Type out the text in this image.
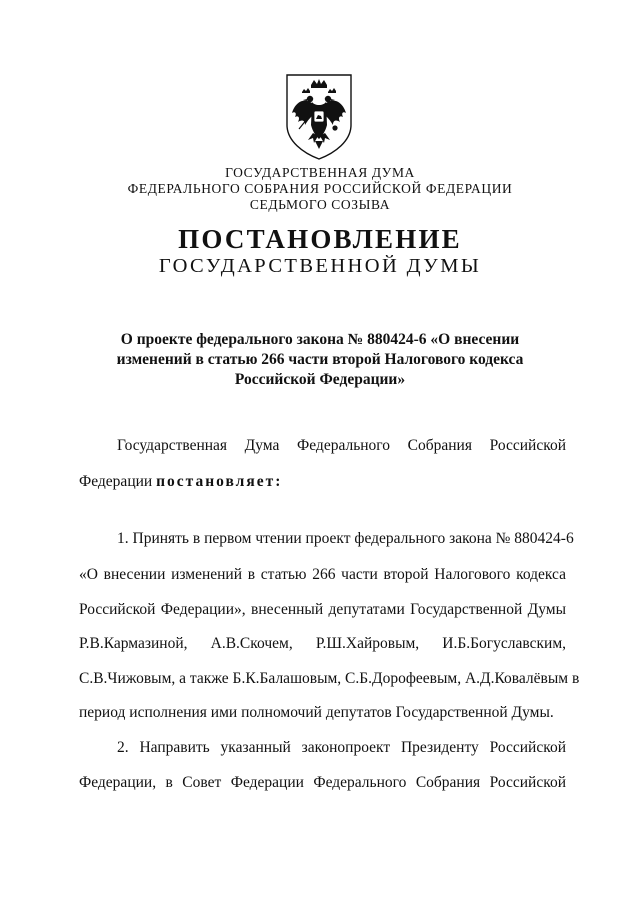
ГОСУДАРСТВЕННАЯ ДУМА
ФЕДЕРАЛЬНОГО СОБРАНИЯ РОССИЙСКОЙ ФЕДЕРАЦИИ
СЕДЬМОГО СОЗЫВА
ПОСТАНОВЛЕНИЕ
ГОСУДАРСТВЕННОЙ ДУМЫ
О проекте федерального закона № 880424-6 «О внесении
изменений в статью 266 части второй Налогового кодекса
Российской Федерации»
Государственная Дума Федерального Собрания Российской
Федерации постановляет:
1. Принять в первом чтении проект федерального закона № 880424-6
«О внесении изменений в статью 266 части второй Налогового кодекса
Российской Федерации», внесенный депутатами Государственной Думы
Р.В.Кармазиной, А.В.Скочем, Р.Ш.Хайровым, И.Б.Богуславским,
С.В.Чижовым, а также Б.К.Балашовым, С.Б.Дорофеевым, А.Д.Ковалёвым в
период исполнения ими полномочий депутатов Государственной Думы.
2. Направить указанный законопроект Президенту Российской
Федерации, в Совет Федерации Федерального Собрания Российской
